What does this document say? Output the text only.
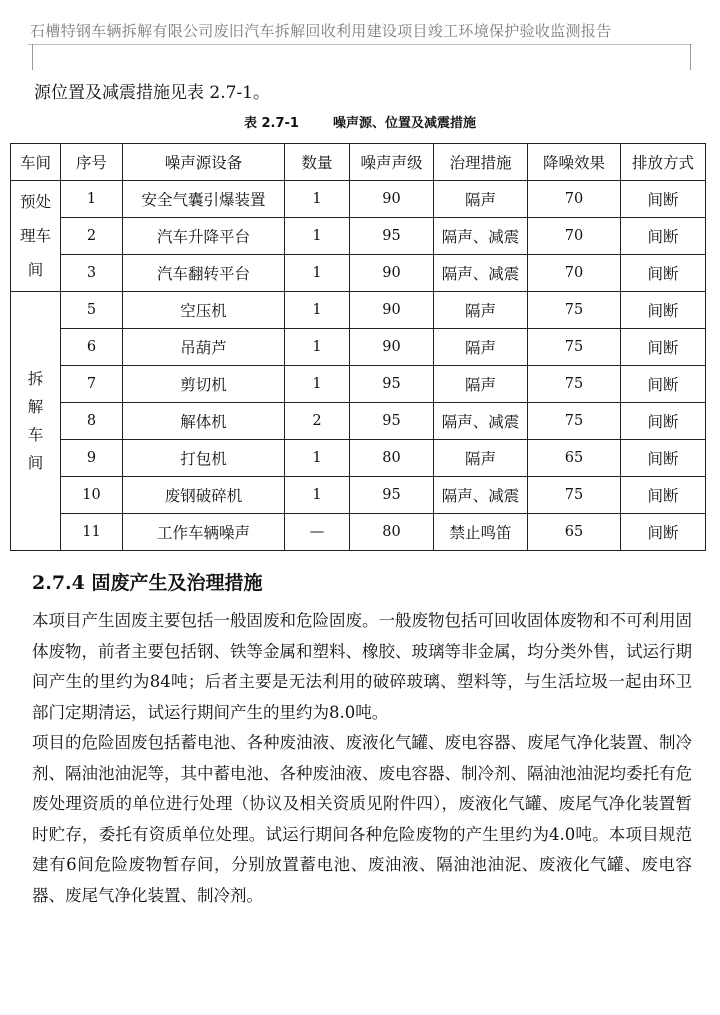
石槽特钢车辆拆解有限公司废旧汽车拆解回收利用建设项目竣工环境保护验收监测报告
源位置及减震措施见表 2.7-1。
表 2.7-1	噪声源、位置及减震措施
车间	序号	噪声源设备	数量	噪声声级	治理措施	降噪效果	排放方式

预处
理车
间	1	安全气囊引爆装置	1	90	隔声	70	间断
	2	汽车升降平台	1	95	隔声、减震	70	间断
	3	汽车翻转平台	1	90	隔声、减震	70	间断

拆
解
车
间	5	空压机	1	90	隔声	75	间断
	6	吊葫芦	1	90	隔声	75	间断
	7	剪切机	1	95	隔声	75	间断
	8	解体机	2	95	隔声、减震	75	间断
	9	打包机	1	80	隔声	65	间断
	10	废钢破碎机	1	95	隔声、减震	75	间断
	11	工作车辆噪声	—	80	禁止鸣笛	65	间断
2.7.4 固废产生及治理措施

本项目产生固废主要包括一般固废和危险固废。一般废物包括可回收固体废物和不可利用固体废物，前者主要包括钢、铁等金属和塑料、橡胶、玻璃等非金属，均分类外售，试运行期间产生的里约为84吨；后者主要是无法利用的破碎玻璃、塑料等，与生活垃圾一起由环卫部门定期清运，试运行期间产生的里约为8.0吨。

项目的危险固废包括蓄电池、各种废油液、废液化气罐、废电容器、废尾气净化装置、制冷剂、隔油池油泥等，其中蓄电池、各种废油液、废电容器、制冷剂、隔油池油泥均委托有危废处理资质的单位进行处理（协议及相关资质见附件四），废液化气罐、废尾气净化装置暂时贮存，委托有资质单位处理。试运行期间各种危险废物的产生里约为4.0吨。本项目规范建有6间危险废物暂存间，分别放置蓄电池、废油液、隔油池油泥、废液化气罐、废电容器、废尾气净化装置、制冷剂。
